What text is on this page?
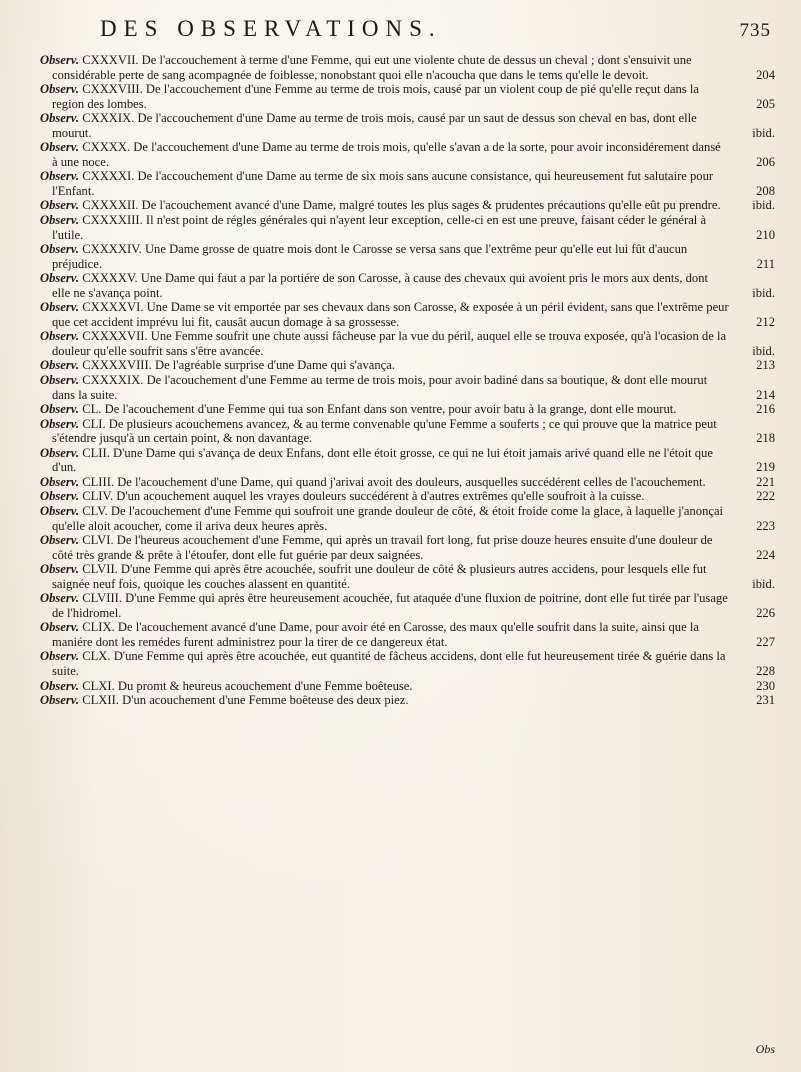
DES OBSERVATIONS.	735

Observ. CXXXVII. De l'accouchement à terme d'une Femme, qui eut une violente chute de dessus un cheval ; dont s'ensuivit une considérable perte de sang acompagnée de foiblesse, nonobstant quoi elle n'acoucha que dans le tems qu'elle le devoit.	204

Observ. CXXXVIII. De l'accouchement d'une Femme au terme de trois mois, causé par un violent coup de pié qu'elle reçut dans la region des lombes.	205

Observ. CXXXIX. De l'accouchement d'une Dame au terme de trois mois, causé par un saut de dessus son cheval en bas, dont elle mourut.	ibid.

Observ. CXXXX. De l'accouchement d'une Dame au terme de trois mois, qu'elle s'avan a de la sorte, pour avoir inconsidérement dansé à une noce.	206

Observ. CXXXXI. De l'accouchement d'une Dame au terme de six mois sans aucune consistance, qui heureusement fut salutaire pour l'Enfant.	208

Observ. CXXXXII. De l'acouchement avancé d'une Dame, malgré toutes les plus sages & prudentes précautions qu'elle eût pu prendre.	ibid.

Observ. CXXXXIII. Il n'est point de régles générales qui n'ayent leur exception, celle-ci en est une preuve, faisant céder le général à l'utile.	210

Observ. CXXXXIV. Une Dame grosse de quatre mois dont le Carosse se versa sans que l'extrême peur qu'elle eut lui fût d'aucun préjudice.	211

Observ. CXXXXV. Une Dame qui faut a par la portiére de son Carosse, à cause des chevaux qui avoient pris le mors aux dents, dont elle ne s'avança point.	ibid.

Observ. CXXXXVI. Une Dame se vit emportée par ses chevaux dans son Carosse, & exposée à un péril évident, sans que l'extrême peur que cet accident imprévu lui fit, causât aucun domage à sa grossesse.	212

Observ. CXXXXVII. Une Femme soufrit une chute aussi fâcheuse par la vue du péril, auquel elle se trouva exposée, qu'à l'ocasion de la douleur qu'elle soufrit sans s'être avancée.	ibid.

Observ. CXXXXVIII. De l'agréable surprise d'une Dame qui s'avança.	213

Observ. CXXXXIX. De l'acouchement d'une Femme au terme de trois mois, pour avoir badiné dans sa boutique, & dont elle mourut dans la suite.	214

Observ. CL. De l'acouchement d'une Femme qui tua son Enfant dans son ventre, pour avoir batu à la grange, dont elle mourut.	216

Observ. CLI. De plusieurs acouchemens avancez, & au terme convenable qu'une Femme a souferts ; ce qui prouve que la matrice peut s'étendre jusqu'à un certain point, & non davantage.	218

Observ. CLII. D'une Dame qui s'avança de deux Enfans, dont elle étoit grosse, ce qui ne lui étoit jamais arivé quand elle ne l'étoit que d'un.	219

Observ. CLIII. De l'acouchement d'une Dame, qui quand j'arivai avoit des douleurs, ausquelles succédérent celles de l'acouchement.	221

Observ. CLIV. D'un acouchement auquel les vrayes douleurs succédérent à d'autres extrêmes qu'elle soufroit à la cuisse.	222

Observ. CLV. De l'acouchement d'une Femme qui soufroit une grande douleur de côté, & étoit froide come la glace, à laquelle j'anonçai qu'elle aloit acoucher, come il ariva deux heures après.	223

Observ. CLVI. De l'heureus acouchement d'une Femme, qui après un travail fort long, fut prise douze heures ensuite d'une douleur de côté très grande & prête à l'étoufer, dont elle fut guérie par deux saignées.	224

Observ. CLVII. D'une Femme qui après être acouchée, soufrit une douleur de côté & plusieurs autres accidens, pour lesquels elle fut saignée neuf fois, quoique les couches alassent en quantité.	ibid.

Observ. CLVIII. D'une Femme qui après être heureusement acouchée, fut ataquée d'une fluxion de poitrine, dont elle fut tirée par l'usage de l'hidromel.	226

Observ. CLIX. De l'acouchement avancé d'une Dame, pour avoir été en Carosse, des maux qu'elle soufrit dans la suite, ainsi que la maniére dont les remédes furent administrez pour la tirer de ce dangereux état.	227

Observ. CLX. D'une Femme qui après être acouchée, eut quantité de fâcheus accidens, dont elle fut heureusement tirée & guérie dans la suite.	228

Observ. CLXI. Du promt & heureus acouchement d'une Femme boêteuse.	230

Observ. CLXII. D'un acouchement d'une Femme boêteuse des deux piez.	231

Obs
